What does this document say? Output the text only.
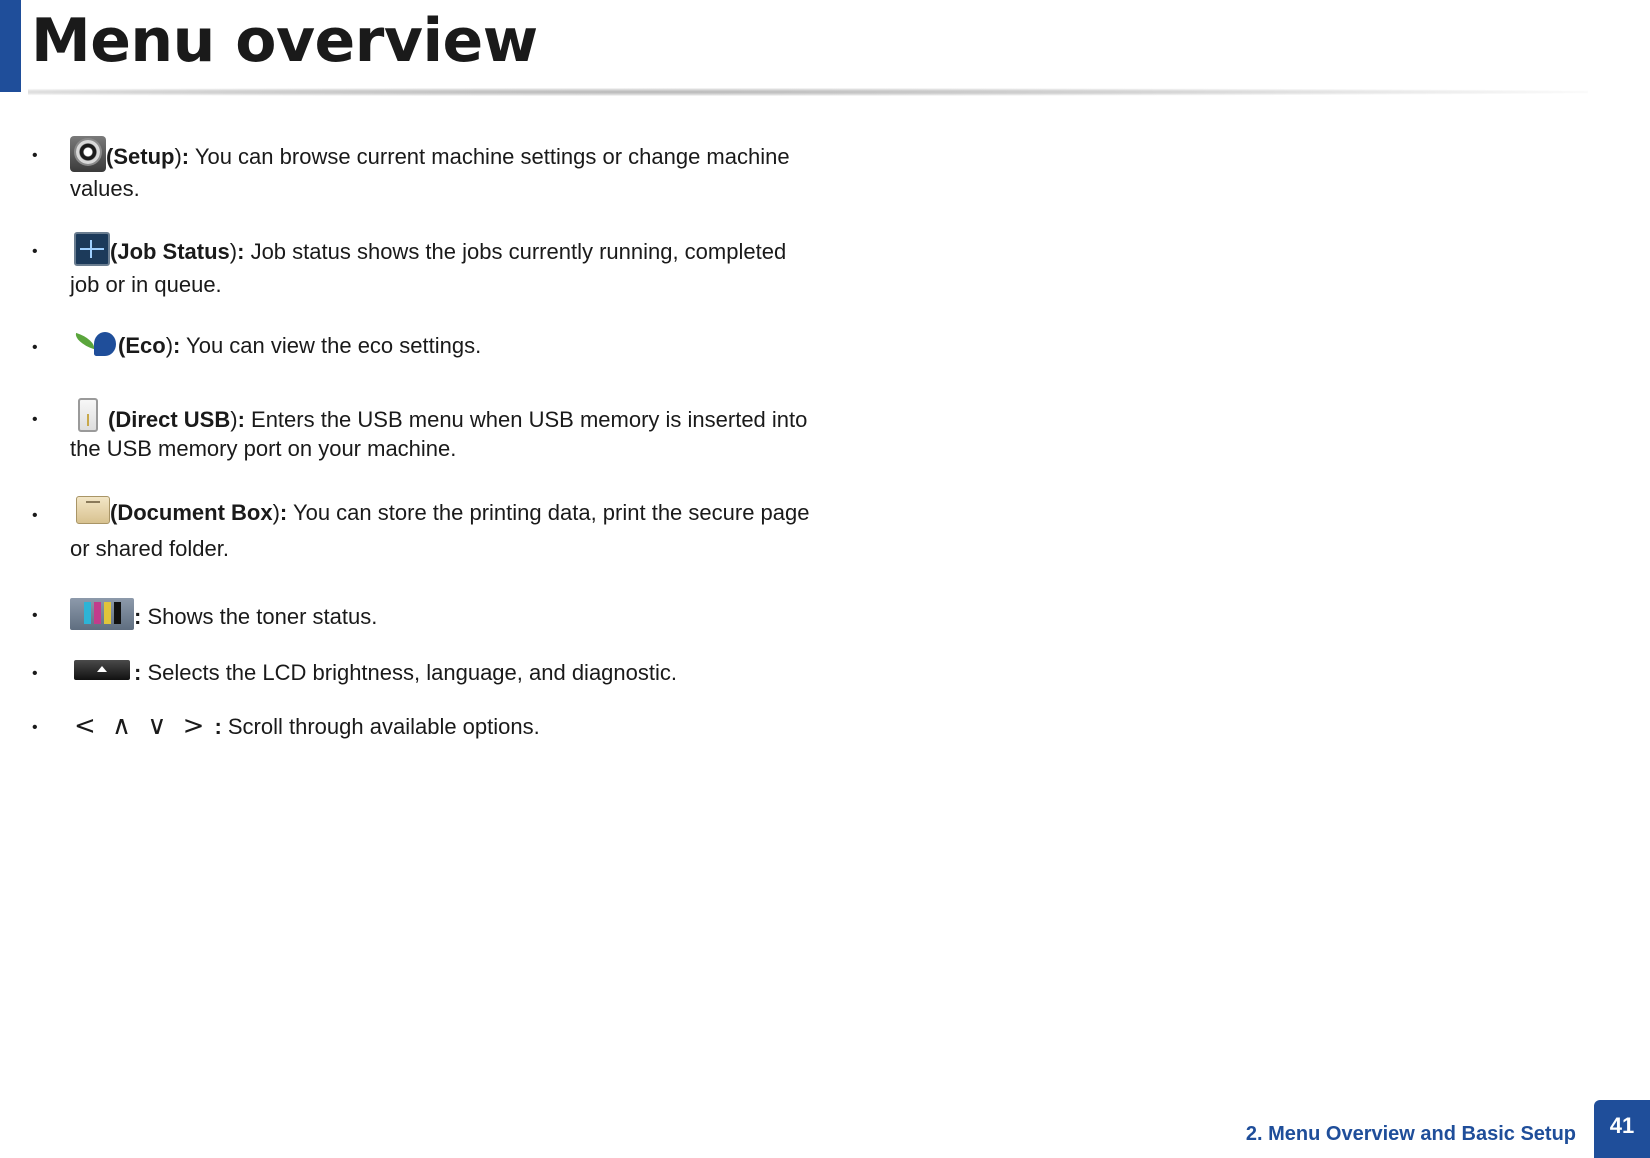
Menu overview
•	(Setup): You can browse current machine settings or change machine
values.
•	(Job Status): Job status shows the jobs currently running, completed
job or in queue.
•	(Eco): You can view the eco settings.
•	(Direct USB): Enters the USB menu when USB memory is inserted into
the USB memory port on your machine.
•	(Document Box): You can store the printing data, print the secure page
or shared folder.
•	: Shows the toner status.
•	: Selects the LCD brightness, language, and diagnostic.
• < ∧ ∨ > : Scroll through available options.
2. Menu Overview and Basic Setup	41
